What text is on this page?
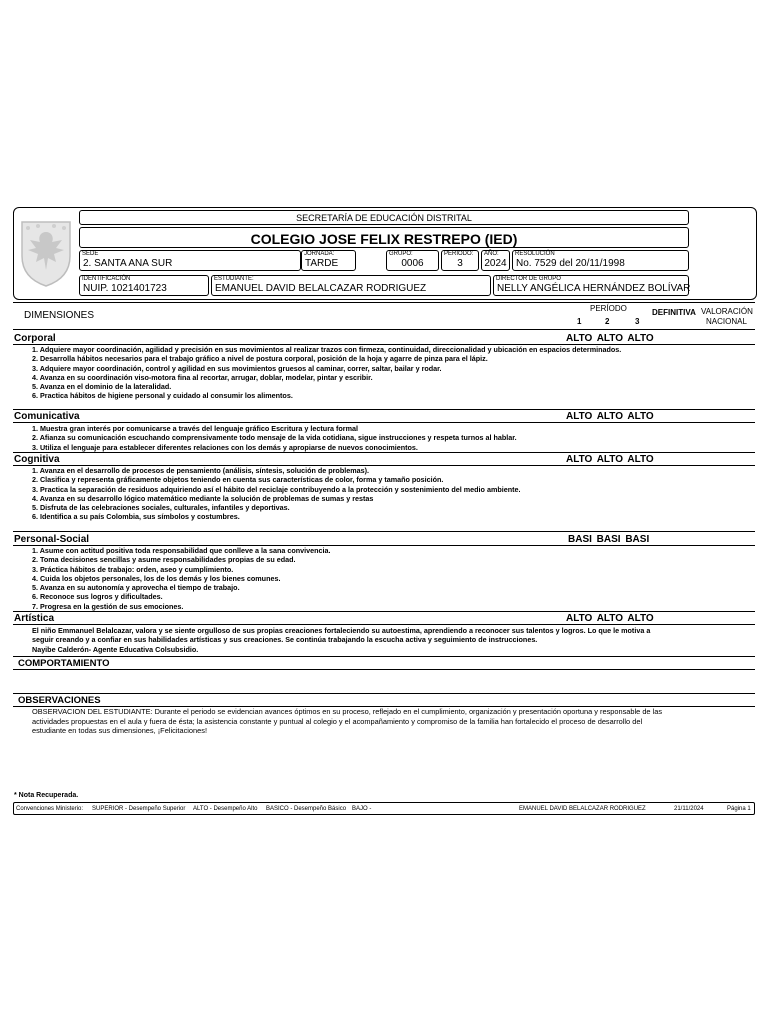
SECRETARÍA DE EDUCACIÓN DISTRITAL
COLEGIO JOSE FELIX RESTREPO (IED)
SEDE
2. SANTA ANA SUR
JORNADA:
TARDE
GRUPO:
0006
PERIODO:
3
AÑO:
2024
RESOLUCIÓN
No. 7529 del 20/11/1998
IDENTIFICACIÓN
NUIP. 1021401723
ESTUDIANTE:
EMANUEL DAVID BELALCAZAR RODRIGUEZ
DIRECTOR DE GRUPO
NELLY ANGÉLICA HERNÁNDEZ BOLÍVAR
DIMENSIONES
PERÍODO
1	2	3
DEFINITIVA VALORACIÓN
NACIONAL
Corporal	ALTO ALTO ALTO
1. Adquiere mayor coordinación, agilidad y precisión en sus movimientos al realizar trazos con firmeza, continuidad, direccionalidad y ubicación en espacios determinados.
2. Desarrolla hábitos necesarios para el trabajo gráfico a nivel de postura corporal, posición de la hoja y agarre de pinza para el lápiz.
3. Adquiere mayor coordinación, control y agilidad en sus movimientos gruesos al caminar, correr, saltar, bailar y rodar.
4. Avanza en su coordinación viso-motora fina al recortar, arrugar, doblar, modelar, pintar y escribir.
5. Avanza en el dominio de la lateralidad.
6. Practica hábitos de higiene personal y cuidado al consumir los alimentos.
Comunicativa	ALTO ALTO ALTO
1. Muestra gran interés por comunicarse a través del lenguaje gráfico Escritura y lectura formal
2. Afianza su comunicación escuchando comprensivamente todo mensaje de la vida cotidiana, sigue instrucciones y respeta turnos al hablar.
3. Utiliza el lenguaje para establecer diferentes relaciones con los demás y apropiarse de nuevos conocimientos.
Cognitiva	ALTO ALTO ALTO
1. Avanza en el desarrollo de procesos de pensamiento (análisis, síntesis, solución de problemas).
2. Clasifica y representa gráficamente objetos teniendo en cuenta sus características de color, forma y tamaño posición.
3. Practica la separación de residuos adquiriendo así el hábito del reciclaje contribuyendo a la protección y sostenimiento del medio ambiente.
4. Avanza en su desarrollo lógico matemático mediante la solución de problemas de sumas y restas
5. Disfruta de las celebraciones sociales, culturales, infantiles y deportivas.
6. Identifica a su país Colombia, sus símbolos y costumbres.
Personal-Social	BASI BASI BASI
1. Asume con actitud positiva toda responsabilidad que conlleve a la sana convivencia.
2. Toma decisiones sencillas y asume responsabilidades propias de su edad.
3. Práctica hábitos de trabajo: orden, aseo y cumplimiento.
4. Cuida los objetos personales, los de los demás y los bienes comunes.
5. Avanza en su autonomía y aprovecha el tiempo de trabajo.
6. Reconoce sus logros y dificultades.
7. Progresa en la gestión de sus emociones.
Artística	ALTO ALTO ALTO
El niño Emmanuel Belalcazar, valora y se siente orgulloso de sus propias creaciones fortaleciendo su autoestima, aprendiendo a reconocer sus talentos y logros. Lo que le motiva a seguir creando y a confiar en sus habilidades artísticas y sus creaciones. Se continúa trabajando la escucha activa y seguimiento de instrucciones.
Nayibe Calderón- Agente Educativa Colsubsidio.
COMPORTAMIENTO
OBSERVACIONES
OBSERVACION DEL ESTUDIANTE: Durante el periodo se evidencian avances óptimos en su proceso, reflejado en el cumplimiento, organización y presentación oportuna y responsable de las actividades propuestas en el aula y fuera de ésta; la asistencia constante y puntual al colegio y el acompañamiento y compromiso de la familia han fortalecido el proceso de desarrollo del estudiante en todas sus dimensiones, ¡Felicitaciones!
* Nota Recuperada.
Convenciones Ministerio: SUPERIOR - Desempeño Superior ALTO - Desempeño Alto BASICO - Desempeño Básico BAJO -	EMANUEL DAVID BELALCAZAR RODRIGUEZ	21/11/2024	Página 1
